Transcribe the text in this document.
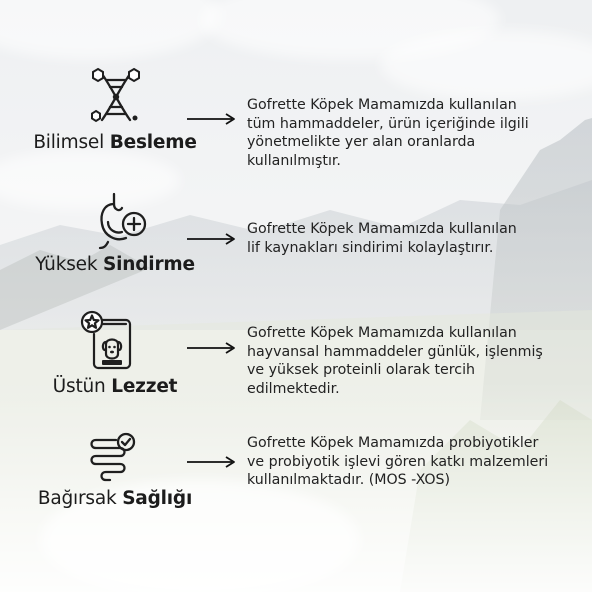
Bilimsel Besleme

Gofrette Köpek Mamamızda kullanılan
tüm hammaddeler, ürün içeriğinde ilgili
yönetmelikte yer alan oranlarda
kullanılmıştır.

Yüksek Sindirme

Gofrette Köpek Mamamızda kullanılan
lif kaynakları sindirimi kolaylaştırır.

Üstün Lezzet

Gofrette Köpek Mamamızda kullanılan
hayvansal hammaddeler günlük, işlenmiş
ve yüksek proteinli olarak tercih
edilmektedir.

Bağırsak Sağlığı

Gofrette Köpek Mamamızda probiyotikler
ve probiyotik işlevi gören katkı malzemleri
kullanılmaktadır. (MOS -XOS)
